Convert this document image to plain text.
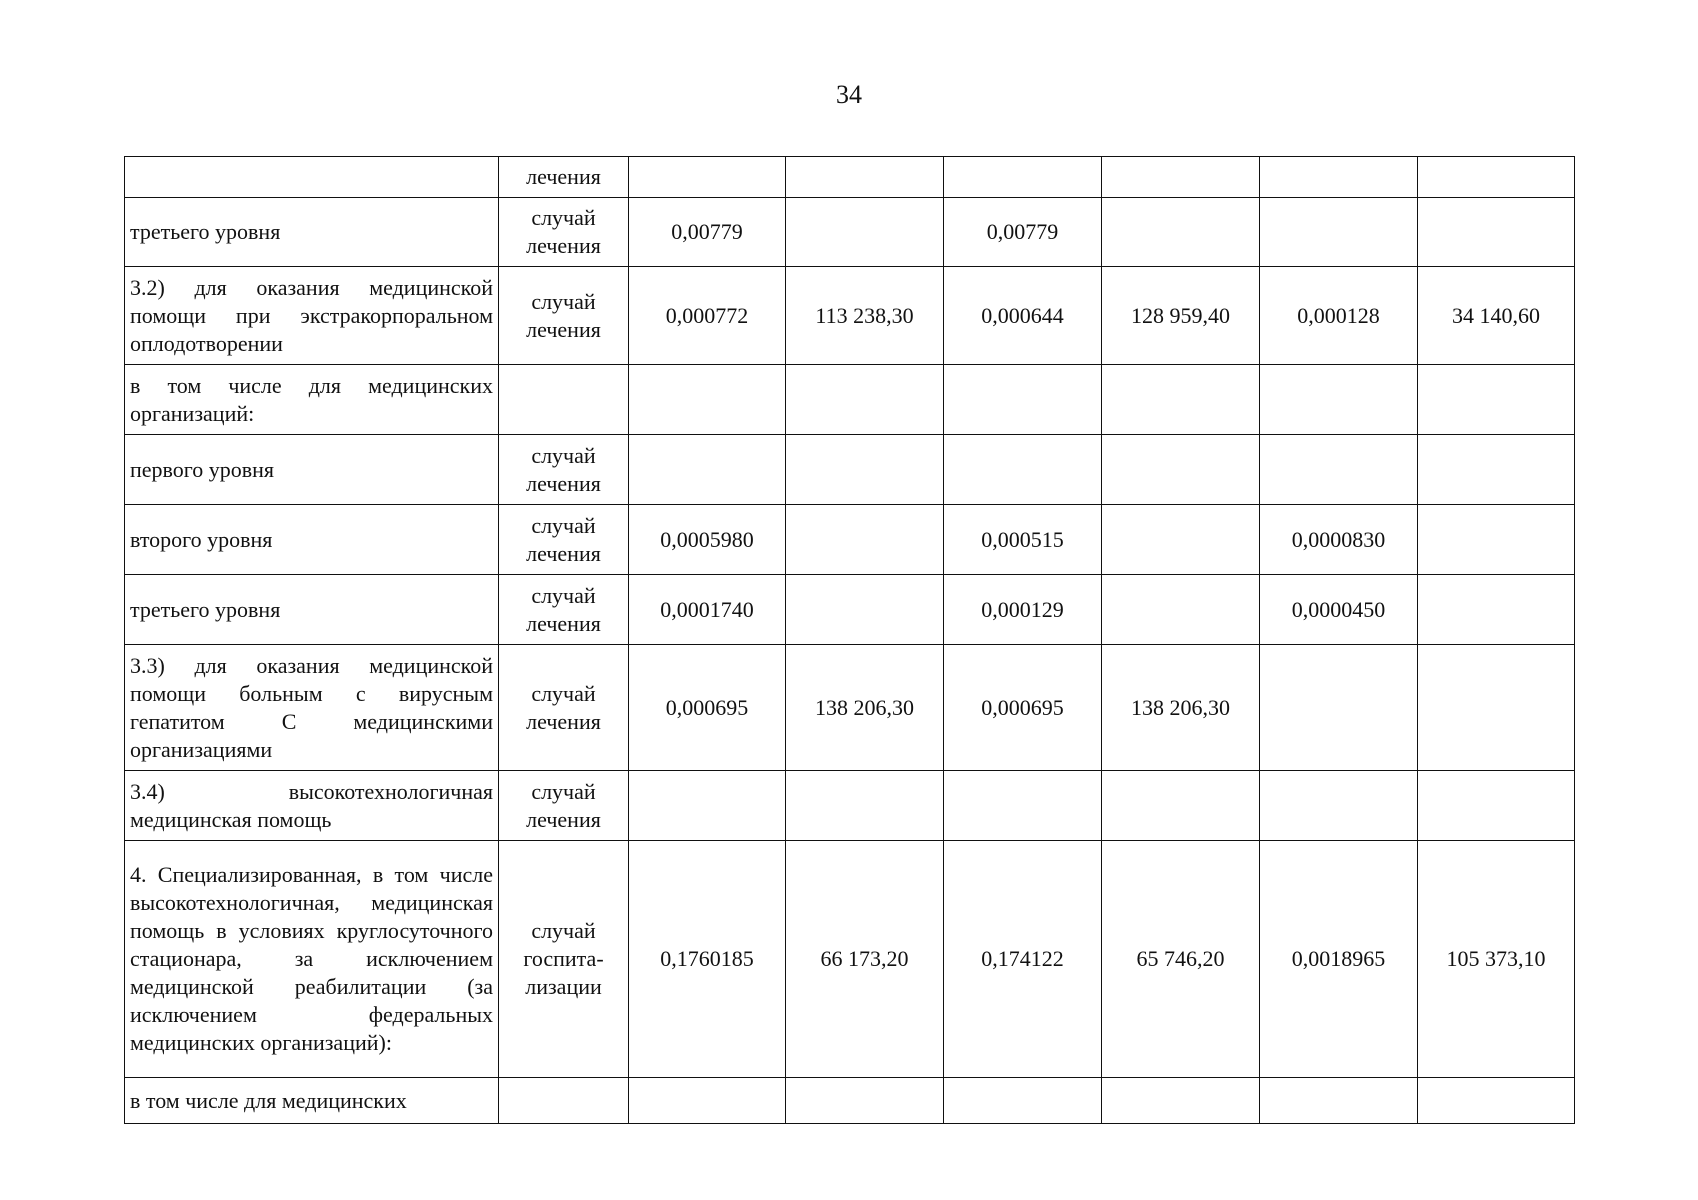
34
	лечения						
третьего уровня	случай лечения	0,00779		0,00779			
3.2) для оказания медицинской помощи при экстракорпоральном оплодотворении	случай лечения	0,000772	113 238,30	0,000644	128 959,40	0,000128	34 140,60
в том числе для медицинских организаций:							
первого уровня	случай лечения						
второго уровня	случай лечения	0,0005980		0,000515		0,0000830	
третьего уровня	случай лечения	0,0001740		0,000129		0,0000450	
3.3) для оказания медицинской помощи больным с вирусным гепатитом С медицинскими организациями	случай лечения	0,000695	138 206,30	0,000695	138 206,30		
3.4) высокотехнологичная медицинская помощь	случай лечения						
4. Специализированная, в том числе высокотехнологичная, медицинская помощь в условиях круглосуточного стационара, за исключением медицинской реабилитации (за исключением федеральных медицинских организаций):	случай госпита-лизации	0,1760185	66 173,20	0,174122	65 746,20	0,0018965	105 373,10
в том числе для медицинских							
